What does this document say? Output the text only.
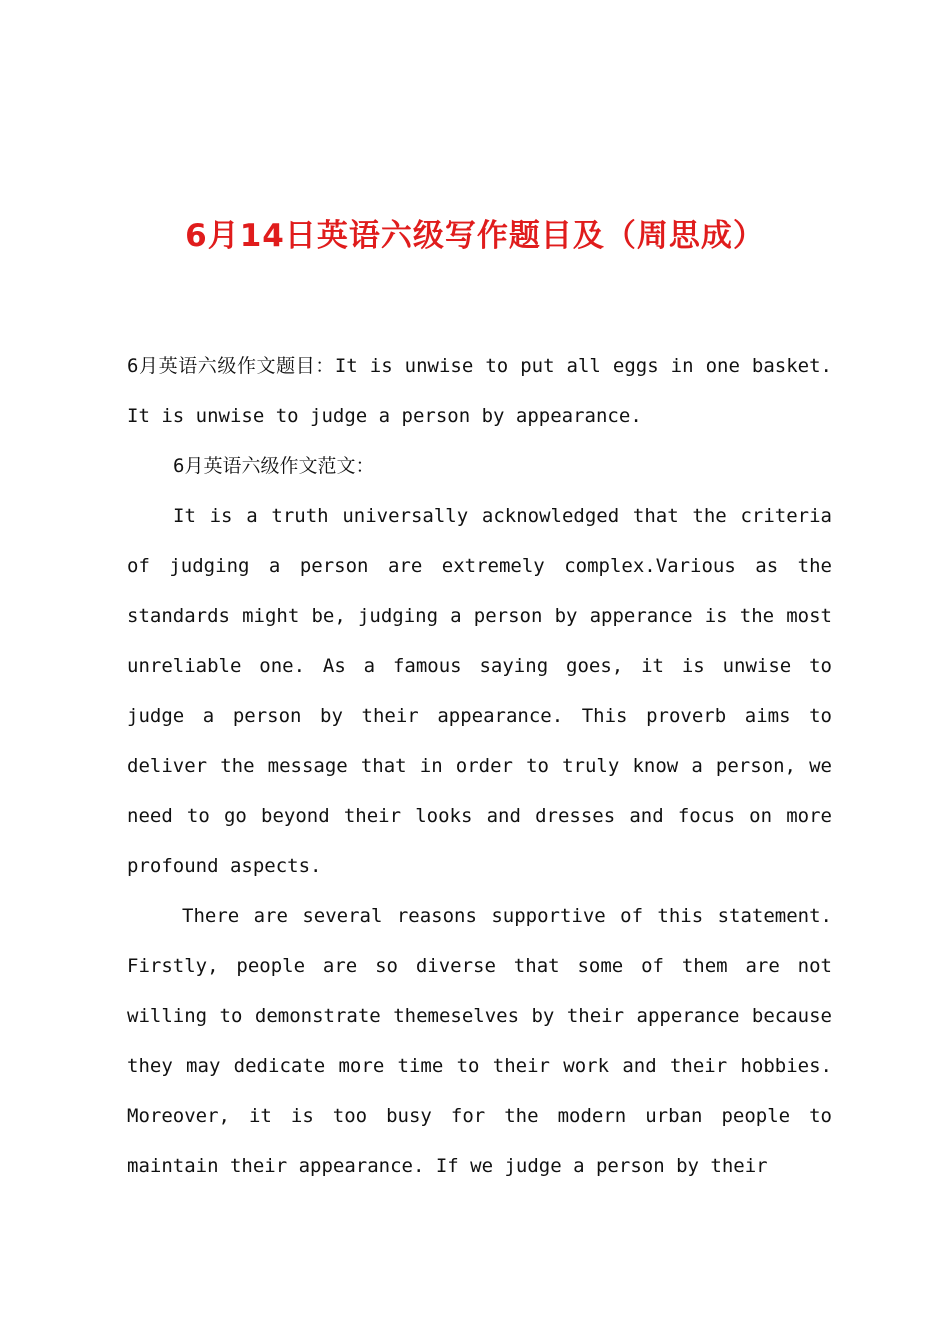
6月14日英语六级写作题目及（周思成）

6月英语六级作文题目：It is unwise to put all eggs in one basket. It is unwise to judge a person by appearance.

6月英语六级作文范文：

It is a truth universally acknowledged that the criteria of judging a person are extremely complex.Various as the standards might be, judging a person by apperance is the most unreliable one. As a famous saying goes, it is unwise to judge a person by their appearance. This proverb aims to deliver the message that in order to truly know a person, we need to go beyond their looks and dresses and focus on more profound aspects.

There are several reasons supportive of this statement. Firstly, people are so diverse that some of them are not willing to demonstrate themeselves by their apperance because they may dedicate more time to their work and their hobbies. Moreover, it is too busy for the modern urban people to maintain their appearance. If we judge a person by their
